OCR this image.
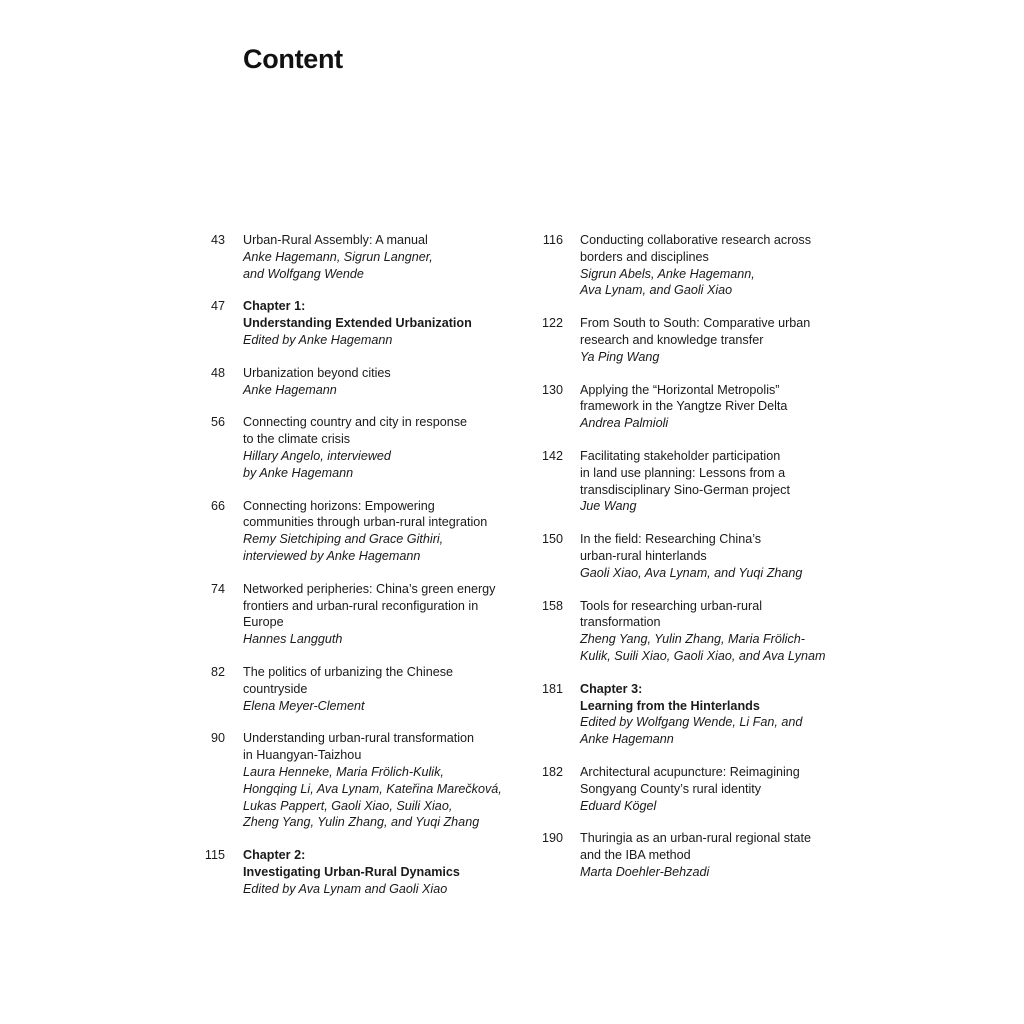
Content
43 Urban-Rural Assembly: A manual
Anke Hagemann, Sigrun Langner,
and Wolfgang Wende
47 Chapter 1:
Understanding Extended Urbanization
Edited by Anke Hagemann
48 Urbanization beyond cities
Anke Hagemann
56 Connecting country and city in response
to the climate crisis
Hillary Angelo, interviewed
by Anke Hagemann
66 Connecting horizons: Empowering
communities through urban-rural integration
Remy Sietchiping and Grace Githiri,
interviewed by Anke Hagemann
74 Networked peripheries: China’s green energy
frontiers and urban-rural reconfiguration in
Europe
Hannes Langguth
82 The politics of urbanizing the Chinese
countryside
Elena Meyer-Clement
90 Understanding urban-rural transformation
in Huangyan-Taizhou
Laura Henneke, Maria Frölich-Kulik,
Hongqing Li, Ava Lynam, Kateřina Marečková,
Lukas Pappert, Gaoli Xiao, Suili Xiao,
Zheng Yang, Yulin Zhang, and Yuqi Zhang
115 Chapter 2:
Investigating Urban-Rural Dynamics
Edited by Ava Lynam and Gaoli Xiao
116 Conducting collaborative research across
borders and disciplines
Sigrun Abels, Anke Hagemann,
Ava Lynam, and Gaoli Xiao
122 From South to South: Comparative urban
research and knowledge transfer
Ya Ping Wang
130 Applying the “Horizontal Metropolis”
framework in the Yangtze River Delta
Andrea Palmioli
142 Facilitating stakeholder participation
in land use planning: Lessons from a
transdisciplinary Sino-German project
Jue Wang
150 In the field: Researching China’s
urban-rural hinterlands
Gaoli Xiao, Ava Lynam, and Yuqi Zhang
158 Tools for researching urban-rural
transformation
Zheng Yang, Yulin Zhang, Maria Frölich-
Kulik, Suili Xiao, Gaoli Xiao, and Ava Lynam
181 Chapter 3:
Learning from the Hinterlands
Edited by Wolfgang Wende, Li Fan, and
Anke Hagemann
182 Architectural acupuncture: Reimagining
Songyang County’s rural identity
Eduard Kögel
190 Thuringia as an urban-rural regional state
and the IBA method
Marta Doehler-Behzadi
